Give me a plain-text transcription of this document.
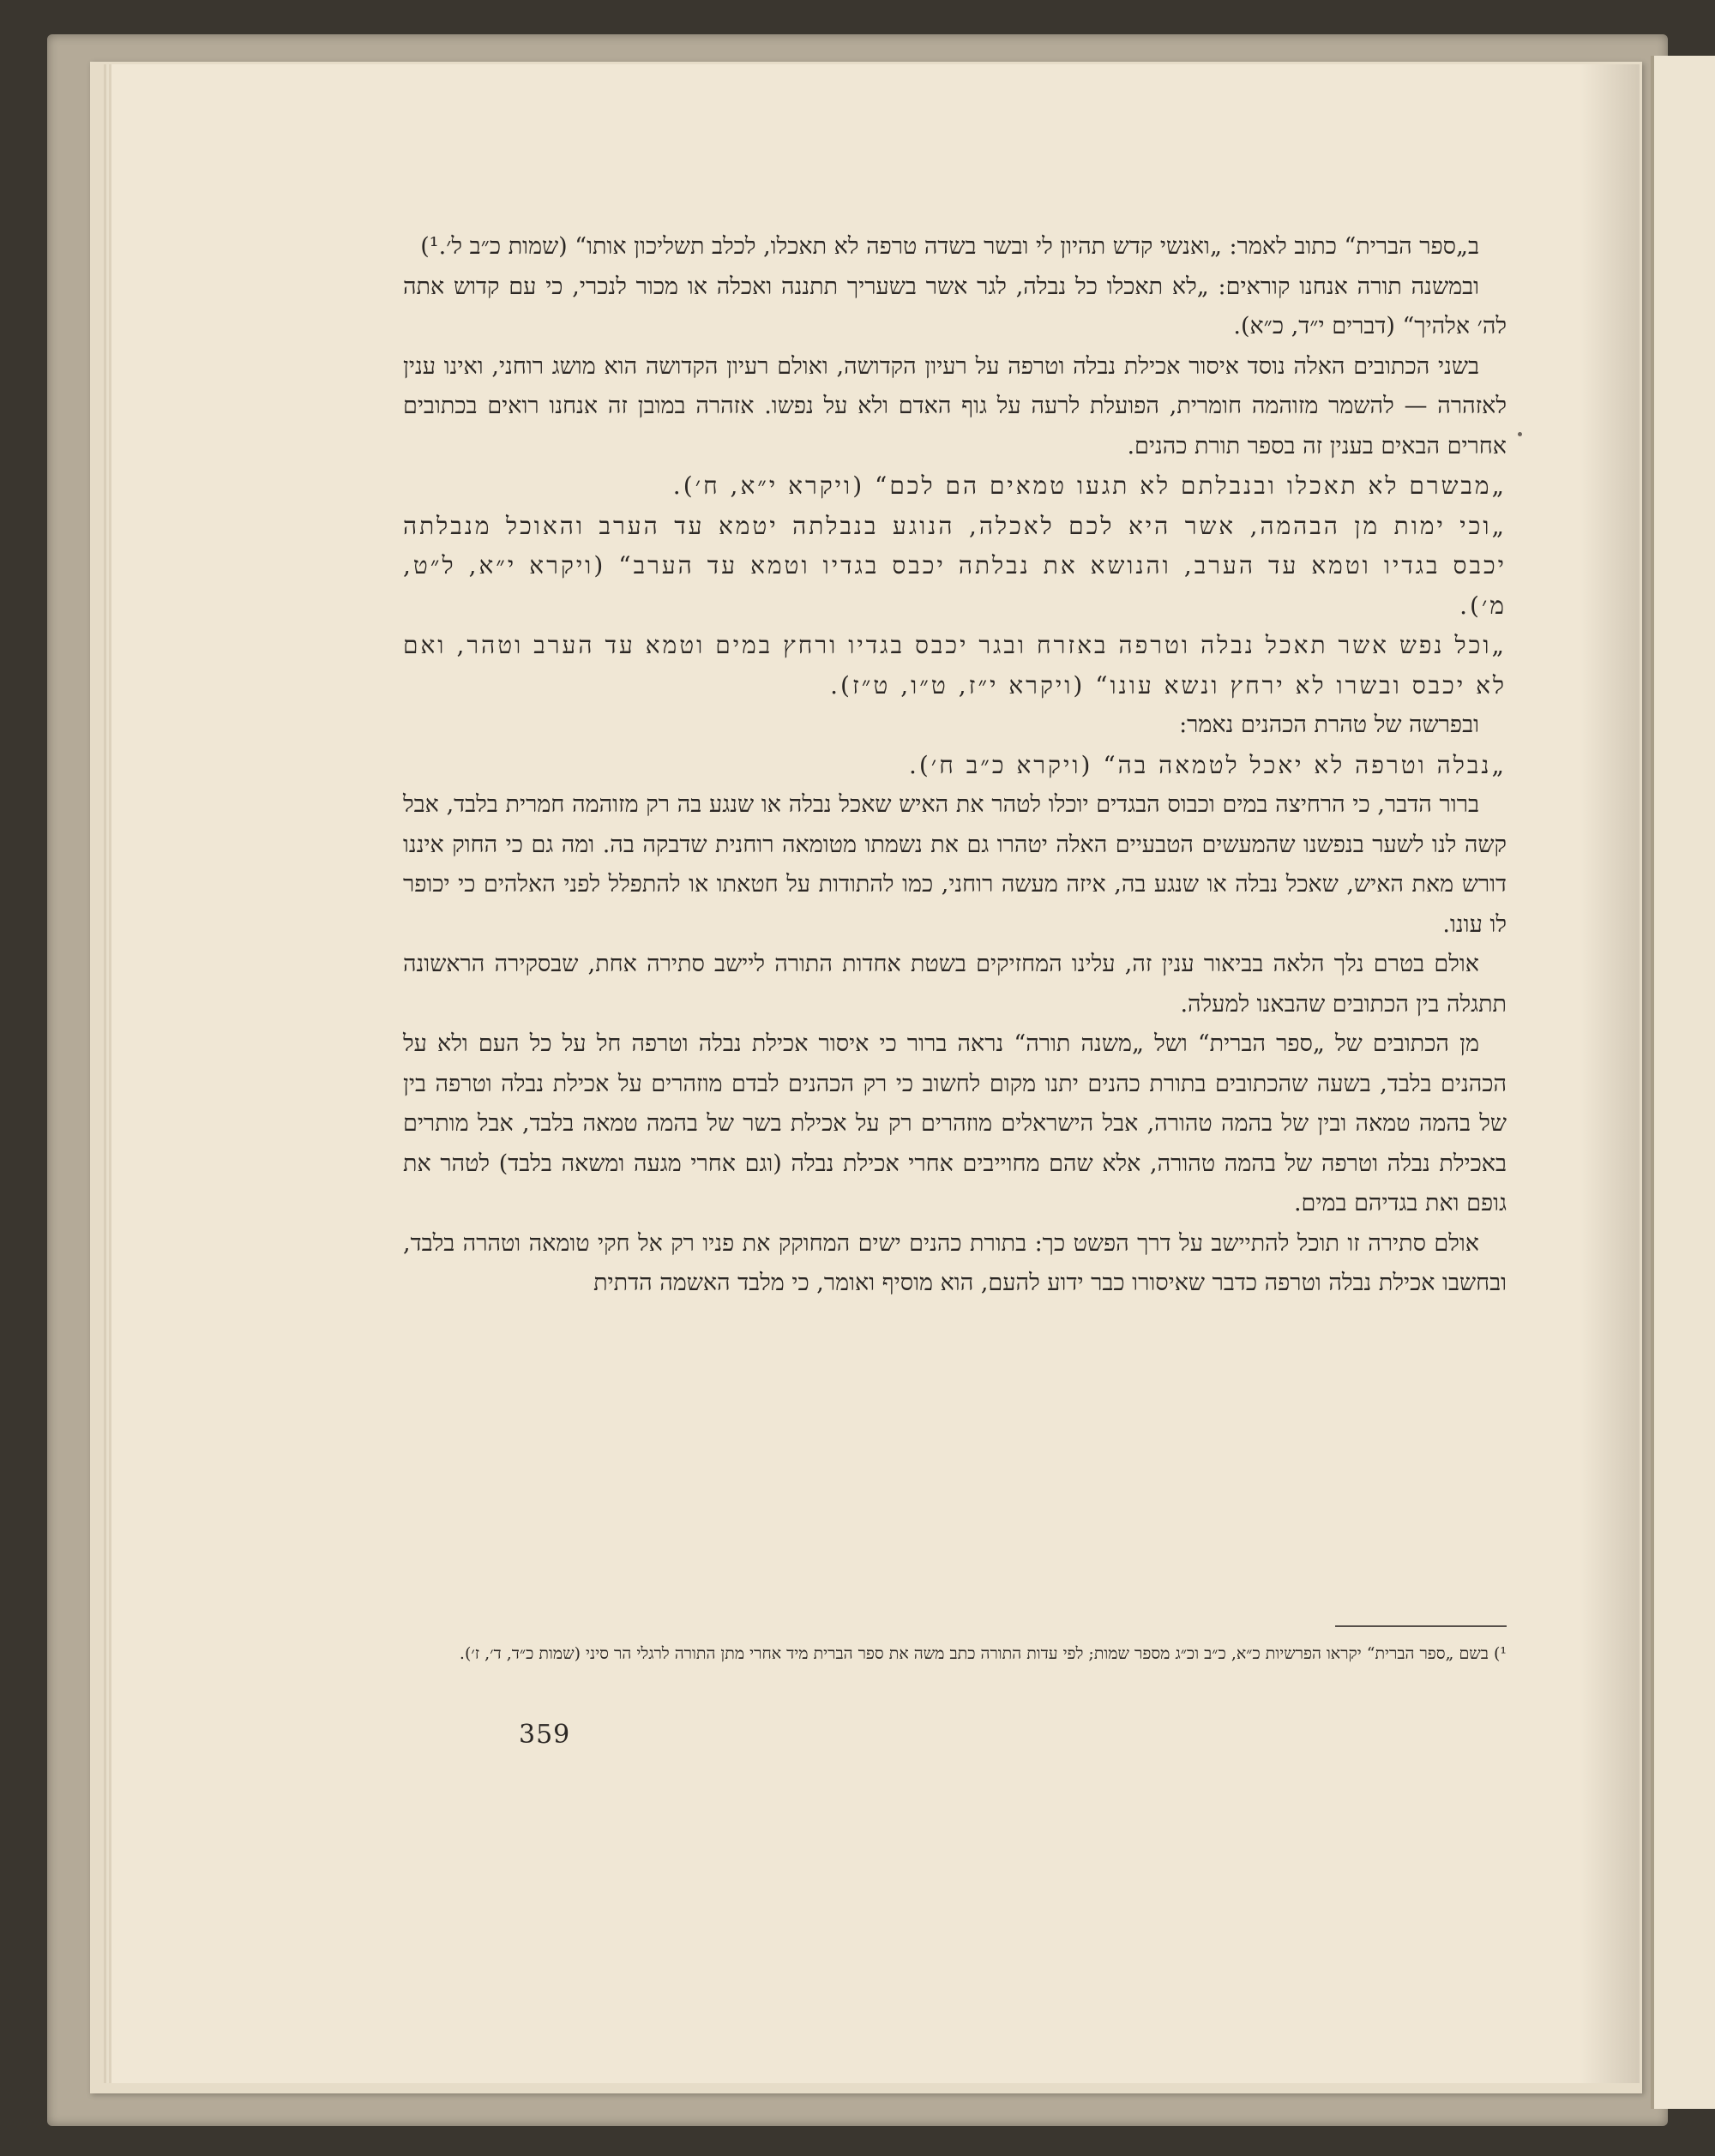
ב„ספר הברית“ כתוב לאמר: „ואנשי קדש תהיון לי ובשר בשדה טרפה לא תאכלו, לכלב תשליכון אותו“ (שמות כ״ב ל׳.¹)

ובמשנה תורה אנחנו קוראים: „לא תאכלו כל נבלה, לגר אשר בשעריך תתננה ואכלה או מכור לנכרי, כי עם קדוש אתה לה׳ אלהיך“ (דברים י״ד, כ״א).

בשני הכתובים האלה נוסד איסור אכילת נבלה וטרפה על רעיון הקדושה, ואולם רעיון הקדושה הוא מושג רוחני, ואינו ענין לאזהרה — להשמר מזוהמה חומרית, הפועלת לרעה על גוף האדם ולא על נפשו. אזהרה במובן זה אנחנו רואים בכתובים אחרים הבאים בענין זה בספר תורת כהנים.

„מבשרם לא תאכלו ובנבלתם לא תגעו טמאים הם לכם“ (ויקרא י״א, ח׳).

„וכי ימות מן הבהמה, אשר היא לכם לאכלה, הנוגע בנבלתה יטמא עד הערב והאוכל מנבלתה יכבס בגדיו וטמא עד הערב, והנושא את נבלתה יכבס בגדיו וטמא עד הערב“ (ויקרא י״א, ל״ט, מ׳).

„וכל נפש אשר תאכל נבלה וטרפה באזרח ובגר יכבס בגדיו ורחץ במים וטמא עד הערב וטהר, ואם לא יכבס ובשרו לא ירחץ ונשא עונו“ (ויקרא י״ז, ט״ו, ט״ז).

ובפרשה של טהרת הכהנים נאמר:

„נבלה וטרפה לא יאכל לטמאה בה“ (ויקרא כ״ב ח׳).

ברור הדבר, כי הרחיצה במים וכבוס הבגדים יוכלו לטהר את האיש שאכל נבלה או שנגע בה רק מזוהמה חמרית בלבד, אבל קשה לנו לשער בנפשנו שהמעשים הטבעיים האלה יטהרו גם את נשמתו מטומאה רוחנית שדבקה בה. ומה גם כי החוק איננו דורש מאת האיש, שאכל נבלה או שנגע בה, איזה מעשה רוחני, כמו להתודות על חטאתו או להתפלל לפני האלהים כי יכופר לו עונו.

אולם בטרם נלך הלאה בביאור ענין זה, עלינו המחזיקים בשטת אחדות התורה ליישב סתירה אחת, שבסקירה הראשונה תתגלה בין הכתובים שהבאנו למעלה.

מן הכתובים של „ספר הברית“ ושל „משנה תורה“ נראה ברור כי איסור אכילת נבלה וטרפה חל על כל העם ולא על הכהנים בלבד, בשעה שהכתובים בתורת כהנים יתנו מקום לחשוב כי רק הכהנים לבדם מוזהרים על אכילת נבלה וטרפה בין של בהמה טמאה ובין של בהמה טהורה, אבל הישראלים מוזהרים רק על אכילת בשר של בהמה טמאה בלבד, אבל מותרים באכילת נבלה וטרפה של בהמה טהורה, אלא שהם מחוייבים אחרי אכילת נבלה (וגם אחרי מגעה ומשאה בלבד) לטהר את גופם ואת בגדיהם במים.

אולם סתירה זו תוכל להתיישב על דרך הפשט כך: בתורת כהנים ישים המחוקק את פניו רק אל חקי טומאה וטהרה בלבד, ובחשבו אכילת נבלה וטרפה כדבר שאיסורו כבר ידוע להעם, הוא מוסיף ואומר, כי מלבד האשמה הדתית

¹) בשם „ספר הברית“ יקראו הפרשיות כ״א, כ״ב וכ״ג מספר שמות; לפי עדות התורה כתב משה את ספר הברית מיד אחרי מתן התורה לרגלי הר סיני (שמות כ״ד, ד׳, ז׳).

359
